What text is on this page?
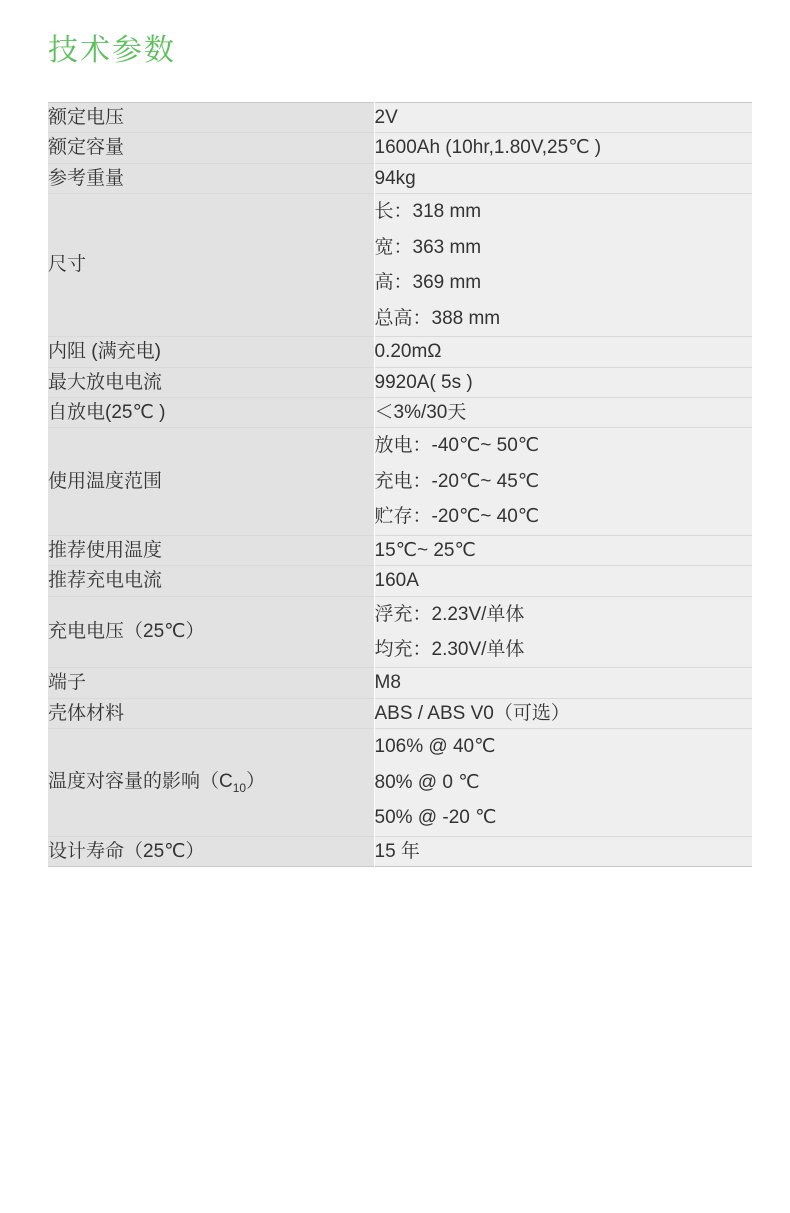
技术参数
额定电压	2V
额定容量	1600Ah (10hr,1.80V,25℃ )
参考重量	94kg
尺寸	长：318 mm
宽：363 mm
高：369 mm
总高：388 mm

内阻 (满充电)	0.20mΩ
最大放电电流	9920A( 5s )
自放电(25℃ )	＜3%/30天
使用温度范围	放电：-40℃~ 50℃
充电：-20℃~ 45℃
贮存：-20℃~ 40℃

推荐使用温度	15℃~ 25℃
推荐充电电流	160A
充电电压（25℃）	浮充：2.23V/单体
均充：2.30V/单体

端子	M8
壳体材料	ABS / ABS V0（可选）
温度对容量的影响$(C_{10})$	106% @ 40℃
80% @ 0 ℃
50% @ -20 ℃

设计寿命（25℃）	15 年
